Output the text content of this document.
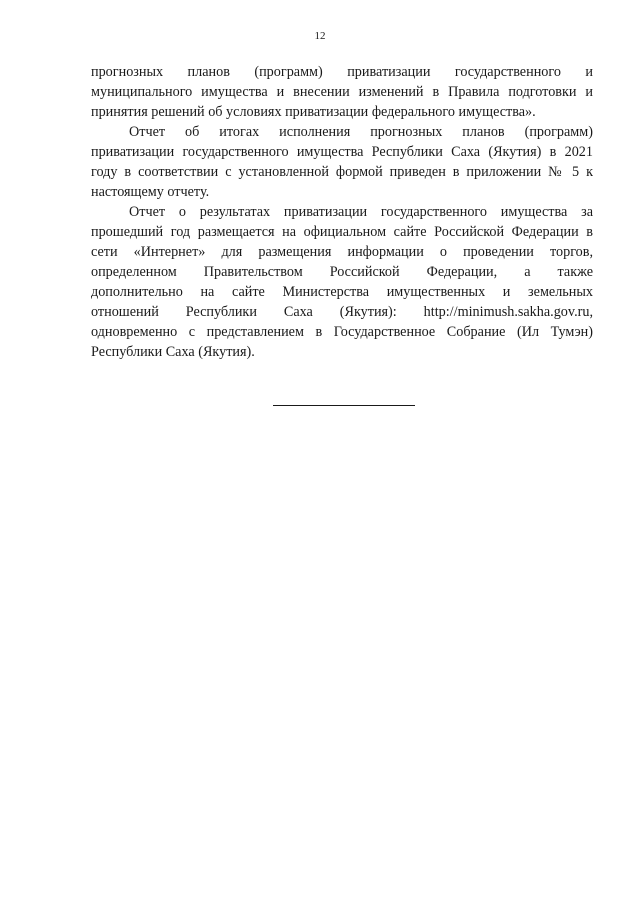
12
прогнозных планов (программ) приватизации государственного и
муниципального имущества и внесении изменений в Правила подготовки и
принятия решений об условиях приватизации федерального имущества».
Отчет об итогах исполнения прогнозных планов (программ)
приватизации государственного имущества Республики Саха (Якутия) в 2021
году в соответствии с установленной формой приведен в приложении № 5 к
настоящему отчету.
Отчет о результатах приватизации государственного имущества за
прошедший год размещается на официальном сайте Российской Федерации в
сети «Интернет» для размещения информации о проведении торгов,
определенном Правительством Российской Федерации, а также
дополнительно на сайте Министерства имущественных и земельных
отношений Республики Саха (Якутия): http://minimush.sakha.gov.ru,
одновременно с представлением в Государственное Собрание (Ил Тумэн)
Республики Саха (Якутия).
